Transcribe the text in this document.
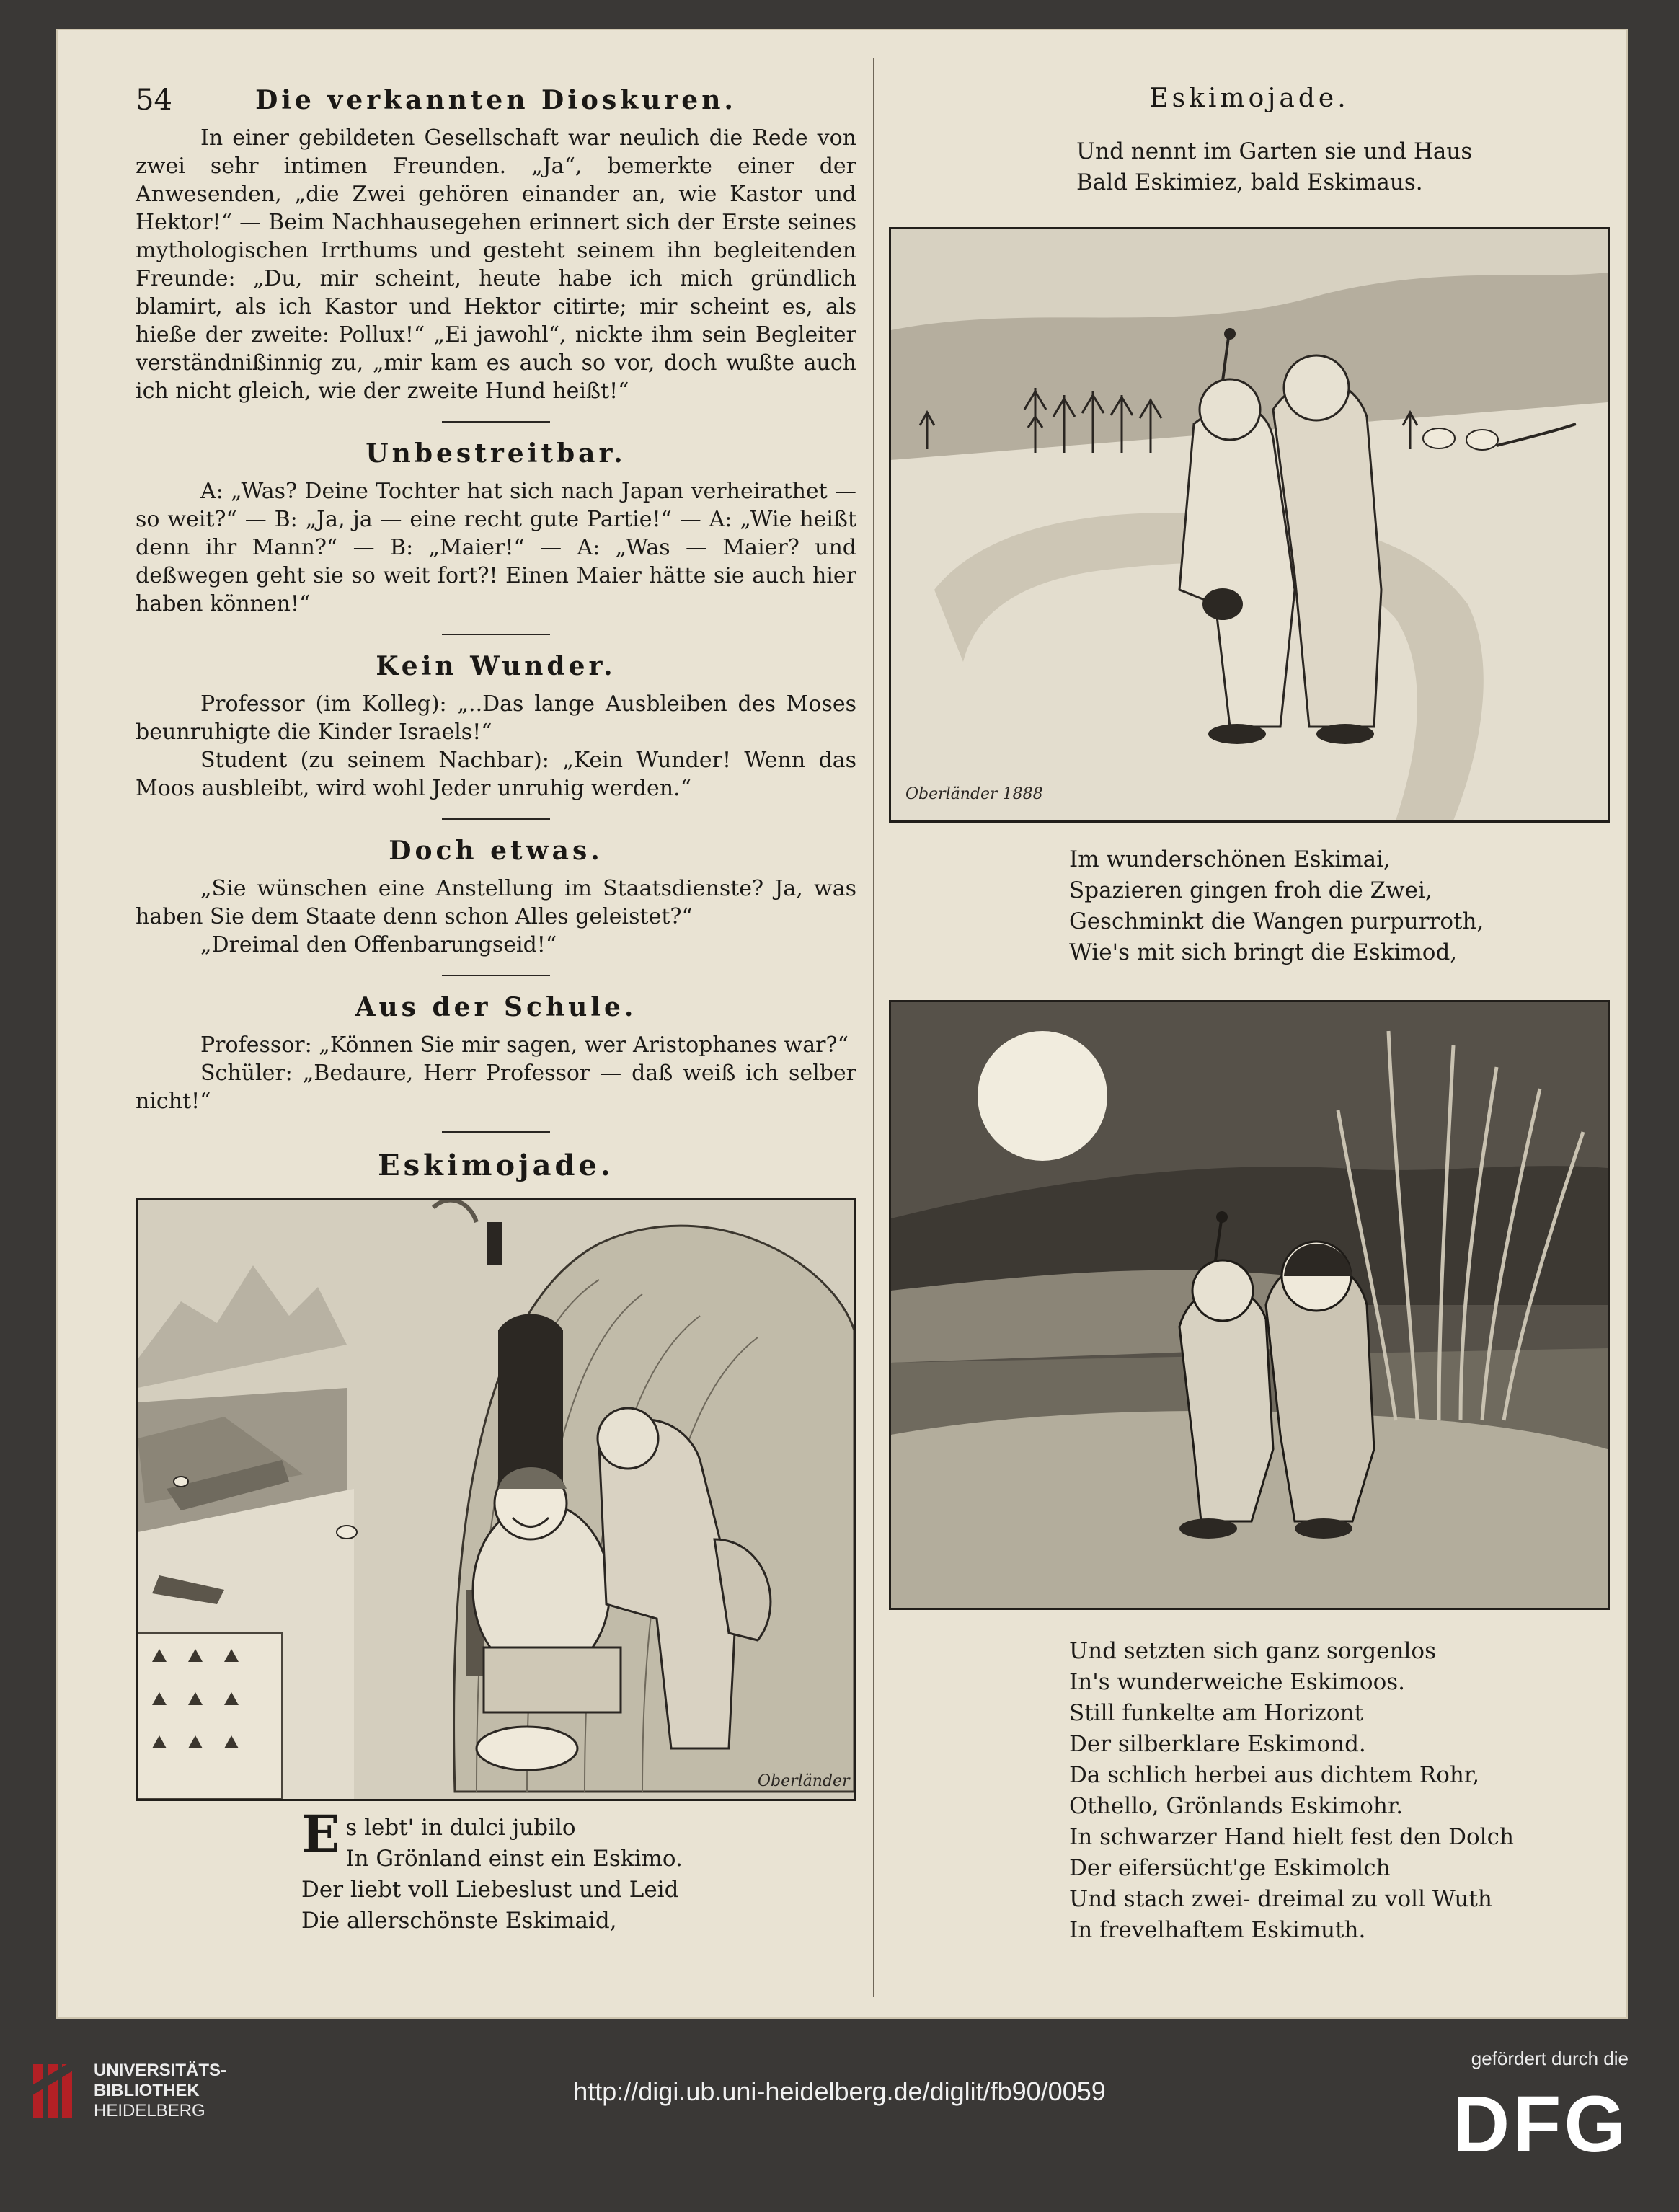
54	Die verkannten Dioskuren.

In einer gebildeten Gesellschaft war neulich die Rede von zwei sehr intimen Freunden. „Ja“, bemerkte einer der Anwesenden, „die Zwei gehören einander an, wie Kastor und Hektor!“ — Beim Nachhausegehen erinnert sich der Erste seines mythologischen Irrthums und gesteht seinem ihn begleitenden Freunde: „Du, mir scheint, heute habe ich mich gründlich blamirt, als ich Kastor und Hektor citirte; mir scheint es, als hieße der zweite: Pollux!“ „Ei jawohl“, nickte ihm sein Begleiter verständnißinnig zu, „mir kam es auch so vor, doch wußte auch ich nicht gleich, wie der zweite Hund heißt!“

Unbestreitbar.

A: „Was? Deine Tochter hat sich nach Japan verheirathet — so weit?“ — B: „Ja, ja — eine recht gute Partie!“ — A: „Wie heißt denn ihr Mann?“ — B: „Maier!“ — A: „Was — Maier? und deßwegen geht sie so weit fort?! Einen Maier hätte sie auch hier haben können!“

Kein Wunder.

Professor (im Kolleg): „..Das lange Ausbleiben des Moses beunruhigte die Kinder Israels!“

Student (zu seinem Nachbar): „Kein Wunder! Wenn das Moos ausbleibt, wird wohl Jeder unruhig werden.“

Doch etwas.

„Sie wünschen eine Anstellung im Staatsdienste? Ja, was haben Sie dem Staate denn schon Alles geleistet?“

„Dreimal den Offenbarungseid!“

Aus der Schule.

Professor: „Können Sie mir sagen, wer Aristophanes war?“

Schüler: „Bedaure, Herr Professor — daß weiß ich selber nicht!“

Eskimojade.
Oberländer
E s lebt' in dulci jubilo

In Grönland einst ein Eskimo.

Der liebt voll Liebeslust und Leid

Die allerschönste Eskimaid,

Eskimojade.

Und nennt im Garten sie und Haus

Bald Eskimiez, bald Eskimaus.

Oberländer 1888

Im wunderschönen Eskimai,

Spazieren gingen froh die Zwei,

Geschminkt die Wangen purpurroth,

Wie's mit sich bringt die Eskimod,

Und setzten sich ganz sorgenlos

In's wunderweiche Eskimoos.

Still funkelte am Horizont

Der silberklare Eskimond.

Da schlich herbei aus dichtem Rohr,

Othello, Grönlands Eskimohr.

In schwarzer Hand hielt fest den Dolch

Der eifersücht'ge Eskimolch

Und stach zwei- dreimal zu voll Wuth

In frevelhaftem Eskimuth.

UNIVERSITÄTS-
BIBLIOTHEK
HEIDELBERG
http://digi.ub.uni-heidelberg.de/diglit/fb90/0059
gefördert durch die
DFG
